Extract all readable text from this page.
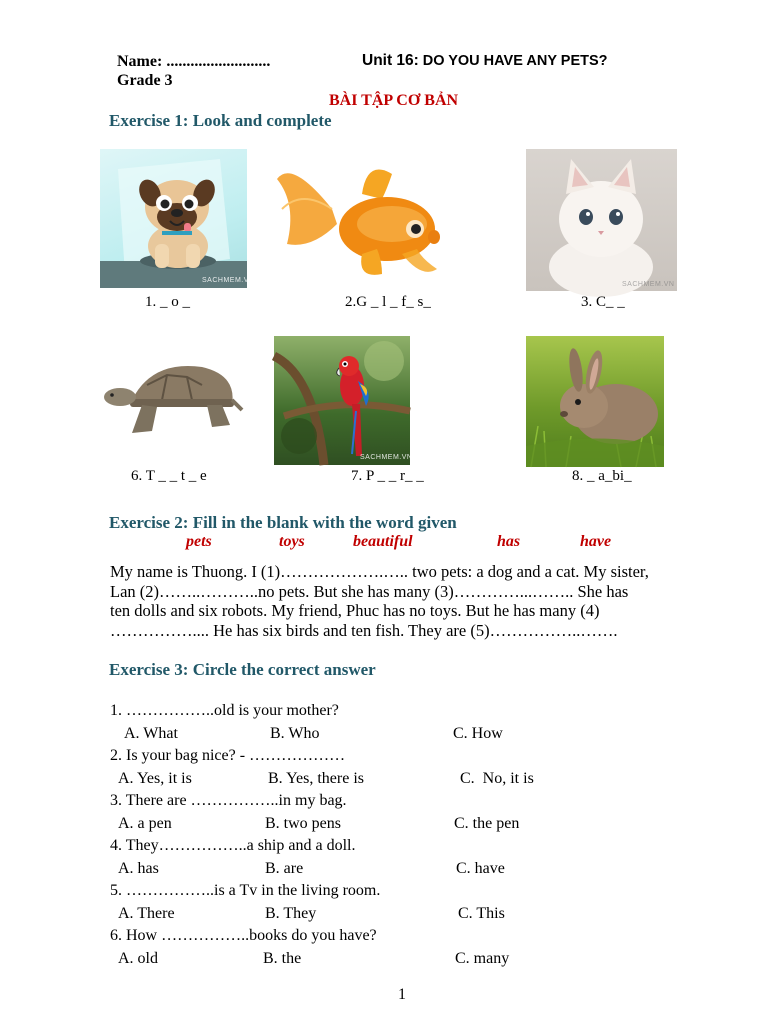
Name: ..........................
Grade 3
Unit 16: DO YOU HAVE ANY PETS?
BÀI TẬP CƠ BẢN
Exercise 1: Look and complete
SACHMEM.VN
1. _ o _	2.G _ l _ f_ s_
SACHMEM.VN
3. C_ _
6. T _ _ t _ e
SACHMEM.VN
7. P _ _ r_ _	8. _ a_bi_
Exercise 2: Fill in the blank with the word given
pets	toys	beautiful	has	have
My name is Thuong. I (1)……………….….. two pets: a dog and a cat. My sister,
Lan (2)……..………..no pets. But she has many (3)…………...…….. She has
ten dolls and six robots. My friend, Phuc has no toys. But he has many (4)
…………….... He has six birds and ten fish. They are (5)……………..…….
Exercise 3: Circle the correct answer
1. ……………..old is your mother?
A. What	B. Who	C. How
2. Is your bag nice? - ………………
A. Yes, it is	B. Yes, there is	C.  No, it is
3. There are ……………..in my bag.
A. a pen	B. two pens	C. the pen
4. They……………..a ship and a doll.
A. has	B. are	C. have
5. ……………..is a Tv in the living room.
A. There	B. They	C. This
6. How ……………..books do you have?
A. old	B. the	C. many
1
